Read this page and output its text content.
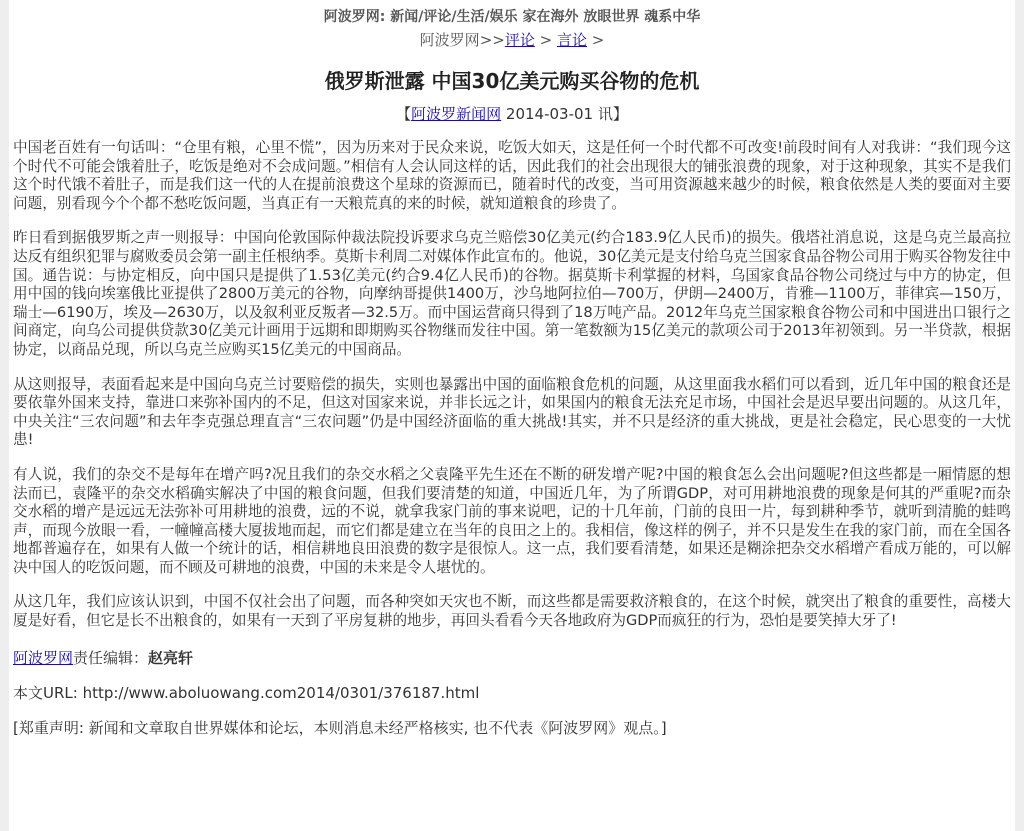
阿波罗网: 新闻/评论/生活/娱乐 家在海外 放眼世界 魂系中华
阿波罗网>>评论 > 言论 >
俄罗斯泄露 中国30亿美元购买谷物的危机
【阿波罗新闻网 2014-03-01 讯】

中国老百姓有一句话叫：“仓里有粮，心里不慌”，因为历来对于民众来说，吃饭大如天，这是任何一个时代都不可改变!前段时间有人对我讲：“我们现今这个时代不可能会饿着肚子，吃饭是绝对不会成问题。”相信有人会认同这样的话，因此我们的社会出现很大的铺张浪费的现象，对于这种现象，其实不是我们这个时代饿不着肚子，而是我们这一代的人在提前浪费这个星球的资源而已，随着时代的改变，当可用资源越来越少的时候，粮食依然是人类的要面对主要问题，别看现今个个都不愁吃饭问题，当真正有一天粮荒真的来的时候，就知道粮食的珍贵了。

昨日看到据俄罗斯之声一则报导：中国向伦敦国际仲裁法院投诉要求乌克兰赔偿30亿美元(约合183.9亿人民币)的损失。俄塔社消息说，这是乌克兰最高拉达反有组织犯罪与腐败委员会第一副主任根纳季。莫斯卡利周二对媒体作此宣布的。他说，30亿美元是支付给乌克兰国家食品谷物公司用于购买谷物发往中国。通告说：与协定相反，向中国只是提供了1.53亿美元(约合9.4亿人民币)的谷物。据莫斯卡利掌握的材料，乌国家食品谷物公司绕过与中方的协定，但用中国的钱向埃塞俄比亚提供了2800万美元的谷物，向摩纳哥提供1400万，沙乌地阿拉伯—700万，伊朗—2400万，肯雅—1100万，菲律宾—150万，瑞士—6190万，埃及—2630万，以及叙利亚反叛者—32.5万。而中国运营商只得到了18万吨产品。2012年乌克兰国家粮食谷物公司和中国进出口银行之间商定，向乌公司提供贷款30亿美元计画用于远期和即期购买谷物继而发往中国。第一笔数额为15亿美元的款项公司于2013年初领到。另一半贷款，根据协定，以商品兑现，所以乌克兰应购买15亿美元的中国商品。

从这则报导，表面看起来是中国向乌克兰讨要赔偿的损失，实则也暴露出中国的面临粮食危机的问题，从这里面我水稻们可以看到，近几年中国的粮食还是要依靠外国来支持，靠进口来弥补国内的不足，但这对国家来说，并非长远之计，如果国内的粮食无法充足市场，中国社会是迟早要出问题的。从这几年，中央关注“三农问题”和去年李克强总理直言“三农问题”仍是中国经济面临的重大挑战!其实，并不只是经济的重大挑战，更是社会稳定，民心思变的一大忧患!

有人说，我们的杂交不是每年在增产吗?况且我们的杂交水稻之父袁隆平先生还在不断的研发增产呢?中国的粮食怎么会出问题呢?但这些都是一厢情愿的想法而已，袁隆平的杂交水稻确实解决了中国的粮食问题，但我们要清楚的知道，中国近几年，为了所谓GDP，对可用耕地浪费的现象是何其的严重呢?而杂交水稻的增产是远远无法弥补可用耕地的浪费，远的不说，就拿我家门前的事来说吧，记的十几年前，门前的良田一片，每到耕种季节，就听到清脆的蛙鸣声，而现今放眼一看，一幢幢高楼大厦拔地而起，而它们都是建立在当年的良田之上的。我相信，像这样的例子，并不只是发生在我的家门前，而在全国各地都普遍存在，如果有人做一个统计的话，相信耕地良田浪费的数字是很惊人。这一点，我们要看清楚，如果还是糊涂把杂交水稻增产看成万能的，可以解决中国人的吃饭问题，而不顾及可耕地的浪费，中国的未来是令人堪忧的。

从这几年，我们应该认识到，中国不仅社会出了问题，而各种突如天灾也不断，而这些都是需要救济粮食的，在这个时候，就突出了粮食的重要性，高楼大厦是好看，但它是长不出粮食的，如果有一天到了平房复耕的地步，再回头看看今天各地政府为GDP而疯狂的行为，恐怕是要笑掉大牙了!

阿波罗网责任编辑：赵亮轩
本文URL: http://www.aboluowang.com2014/0301/376187.html
[郑重声明: 新闻和文章取自世界媒体和论坛，本则消息未经严格核实, 也不代表《阿波罗网》观点。]
